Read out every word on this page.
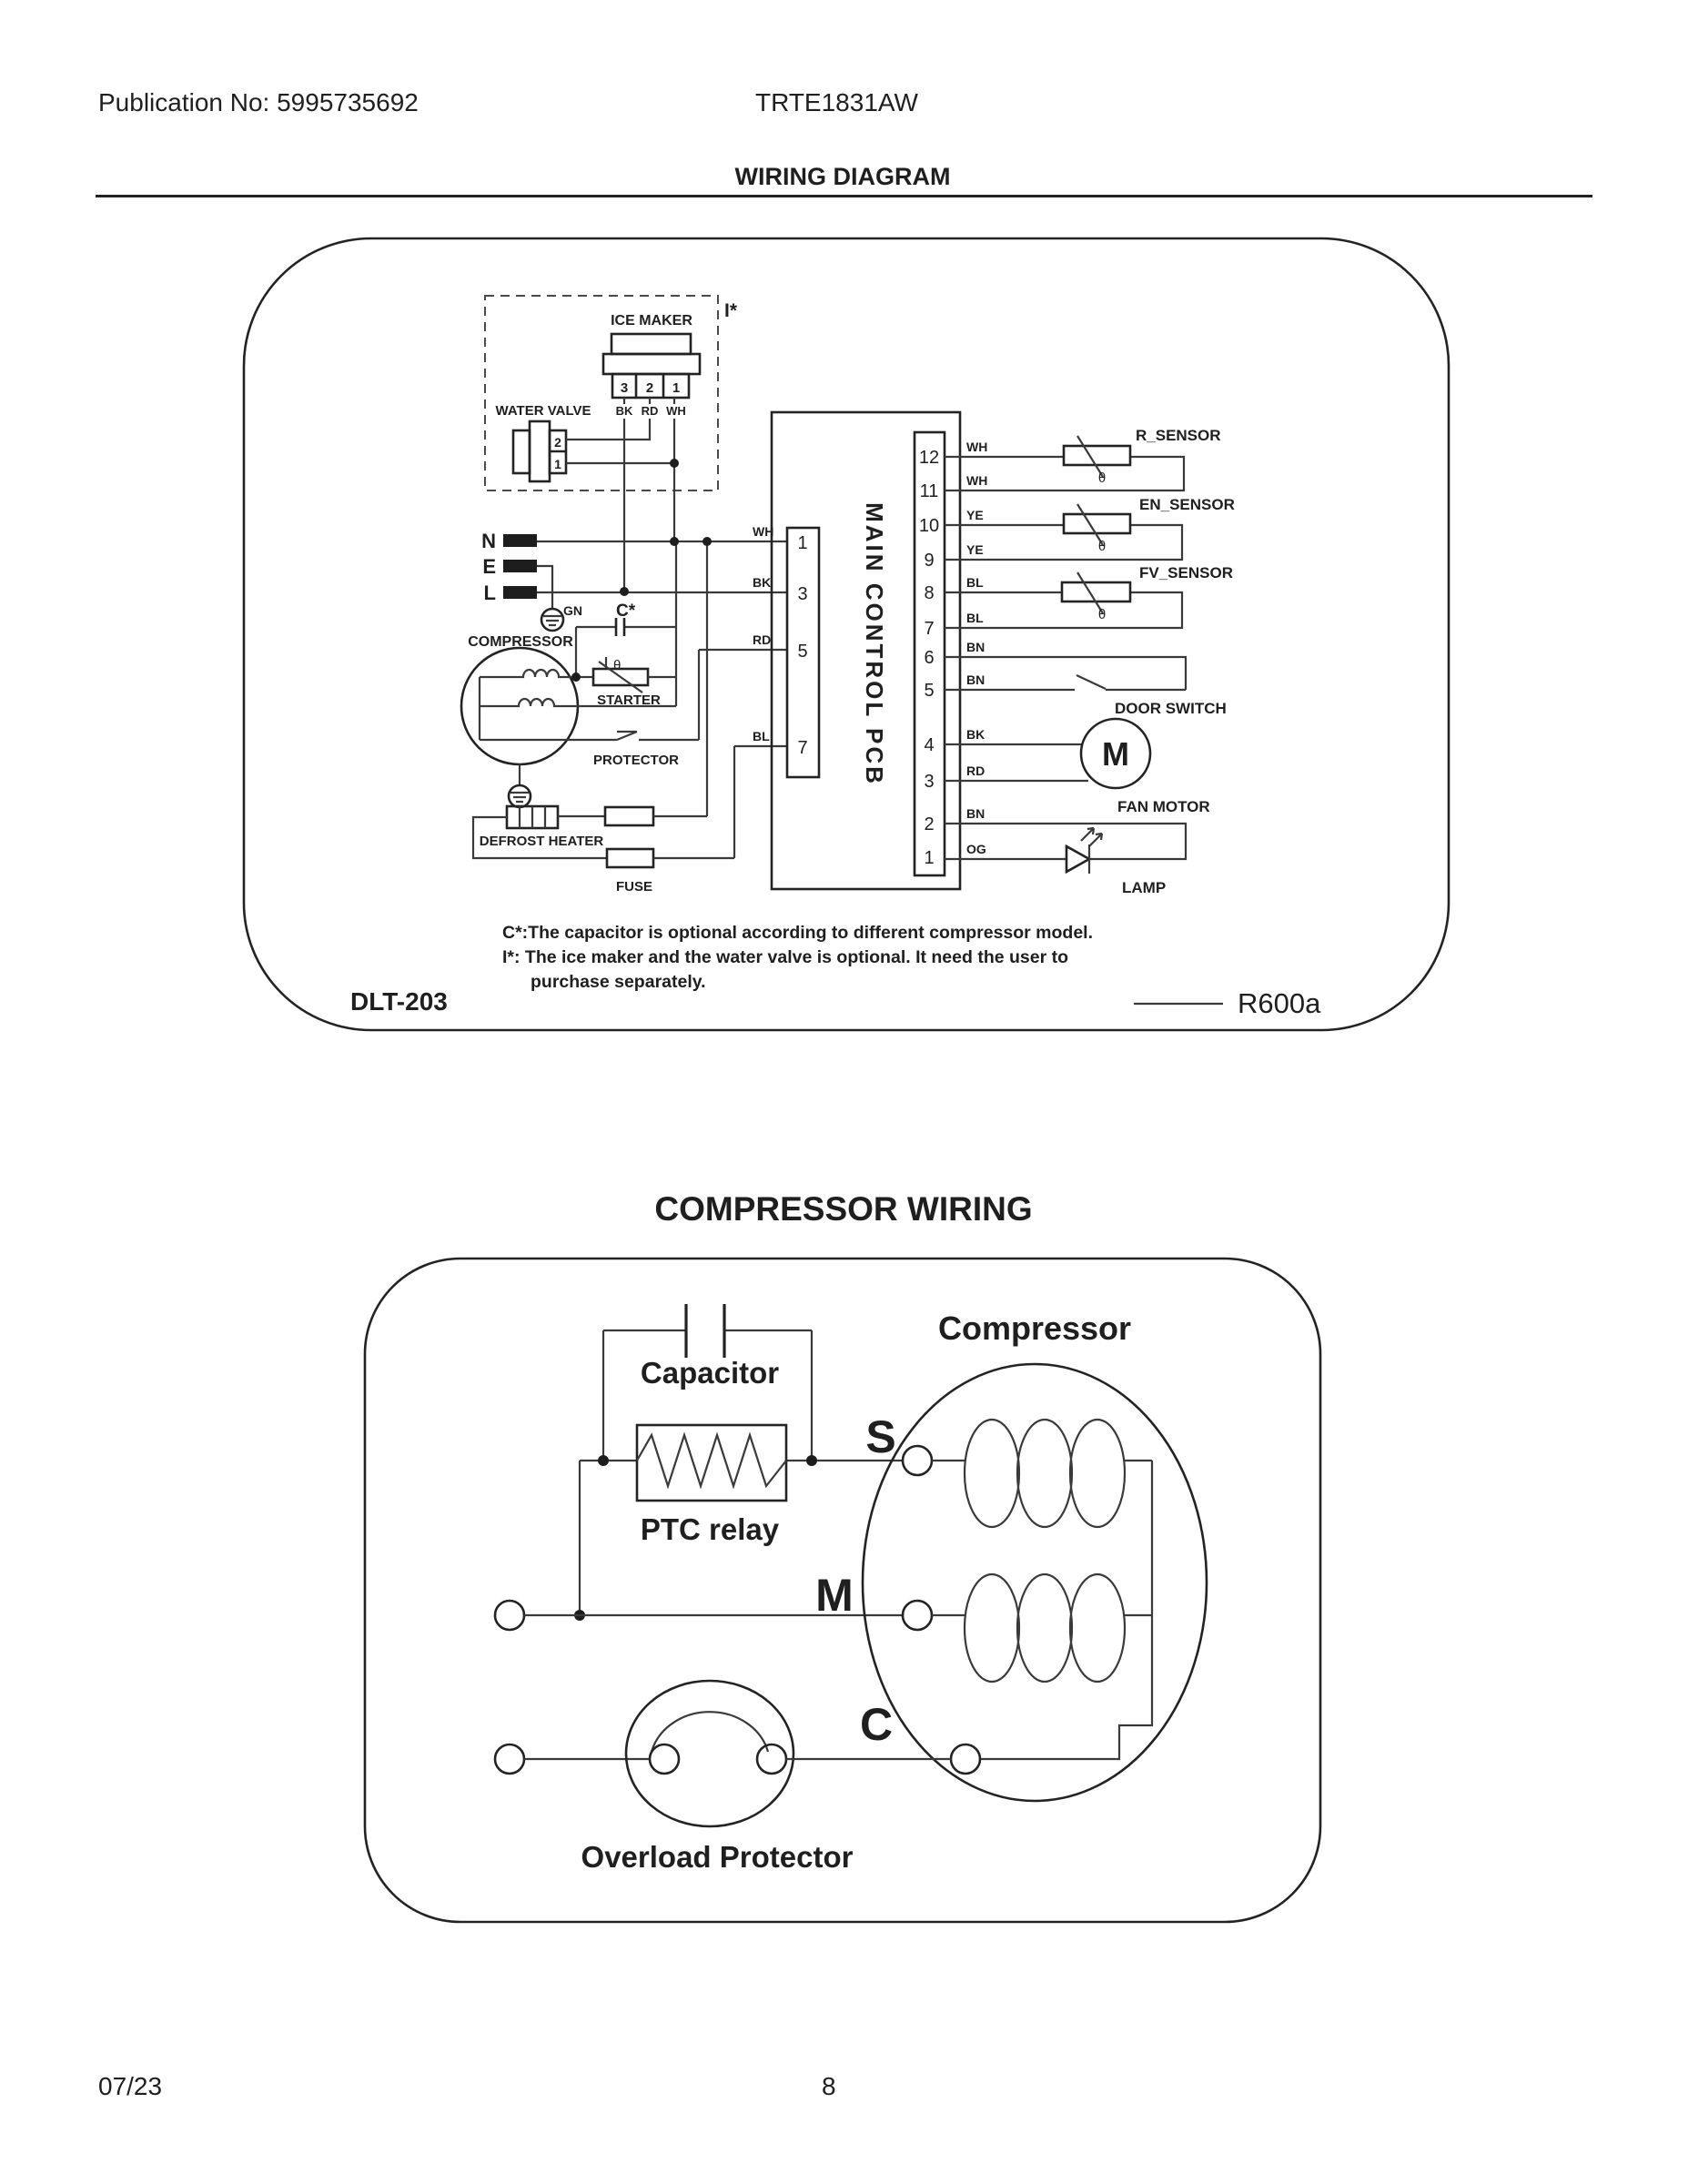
Publication No: 5995735692	TRTE1831AW
WIRING DIAGRAM
I*
ICE MAKER
3 2 1
BK RD WH
WATER VALVE
2
1
N
E
L
GN
COMPRESSOR
C*
θ
STARTER
PROTECTOR
DEFROST HEATER
FUSE
MAIN CONTROL PCB
1
3
5
7
WH
BK
RD
BL
12
11
10
9
8
7
6
5
4
3
2
1
WH
WH
YE
YE
BL
BL
BN
BN
BK
RD
BN
OG
θ
R_SENSOR
θ
EN_SENSOR
θ
FV_SENSOR
DOOR SWITCH
M
FAN MOTOR
LAMP
C*:The capacitor is optional according to different compressor model.
I*: The ice maker and the water valve is optional. It need the user to
purchase separately.
DLT-203	R600a
COMPRESSOR WIRING
Capacitor
PTC relay
Compressor
S
M
C
Overload Protector
07/23	8
